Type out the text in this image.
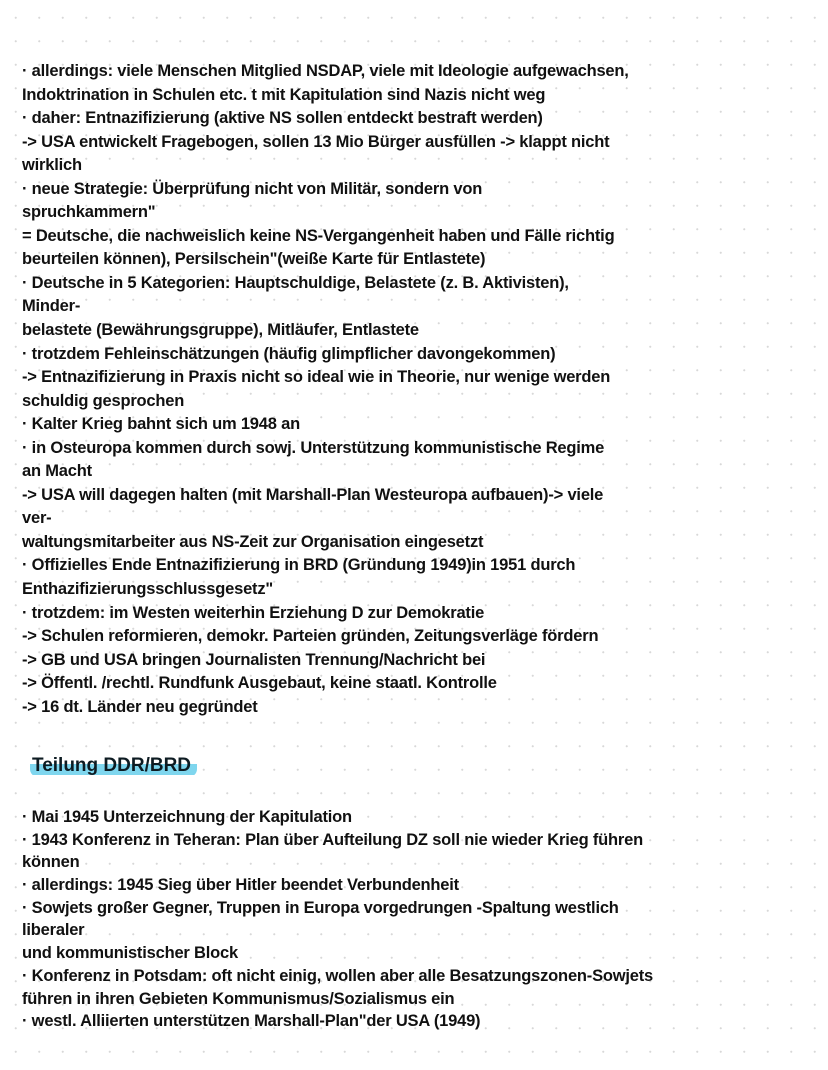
· allerdings: viele Menschen Mitglied NSDAP, viele mit Ideologie aufgewachsen,
Indoktrination in Schulen etc. t mit Kapitulation sind Nazis nicht weg
· daher: Entnazifizierung (aktive NS sollen entdeckt bestraft werden)
-> USA entwickelt Fragebogen, sollen 13 Mio Bürger ausfüllen -> klappt nicht
wirklich
· neue Strategie: Überprüfung nicht von Militär, sondern von
spruchkammern"
= Deutsche, die nachweislich keine NS-Vergangenheit haben und Fälle richtig
beurteilen können), Persilschein"(weiße Karte für Entlastete)
· Deutsche in 5 Kategorien: Hauptschuldige, Belastete (z. B. Aktivisten),
Minder-
belastete (Bewährungsgruppe), Mitläufer, Entlastete
· trotzdem Fehleinschätzungen (häufig glimpflicher davongekommen)
-> Entnazifizierung in Praxis nicht so ideal wie in Theorie, nur wenige werden
schuldig gesprochen
· Kalter Krieg bahnt sich um 1948 an
· in Osteuropa kommen durch sowj. Unterstützung kommunistische Regime
an Macht
-> USA will dagegen halten (mit Marshall-Plan Westeuropa aufbauen)-> viele
ver-
waltungsmitarbeiter aus NS-Zeit zur Organisation eingesetzt
· Offizielles Ende Entnazifizierung in BRD (Gründung 1949)in 1951 durch
Enthazifizierungsschlussgesetz"
· trotzdem: im Westen weiterhin Erziehung D zur Demokratie
-> Schulen reformieren, demokr. Parteien gründen, Zeitungsverläge fördern
-> GB und USA bringen Journalisten Trennung/Nachricht bei
-> Öffentl. /rechtl. Rundfunk Ausgebaut, keine staatl. Kontrolle
-> 16 dt. Länder neu gegründet
Teilung DDR/BRD
· Mai 1945 Unterzeichnung der Kapitulation
· 1943 Konferenz in Teheran: Plan über Aufteilung DZ soll nie wieder Krieg führen
können
· allerdings: 1945 Sieg über Hitler beendet Verbundenheit
· Sowjets großer Gegner, Truppen in Europa vorgedrungen -Spaltung westlich
liberaler
und kommunistischer Block
· Konferenz in Potsdam: oft nicht einig, wollen aber alle Besatzungszonen-Sowjets
führen in ihren Gebieten Kommunismus/Sozialismus ein
· westl. Alliierten unterstützen Marshall-Plan"der USA (1949)
